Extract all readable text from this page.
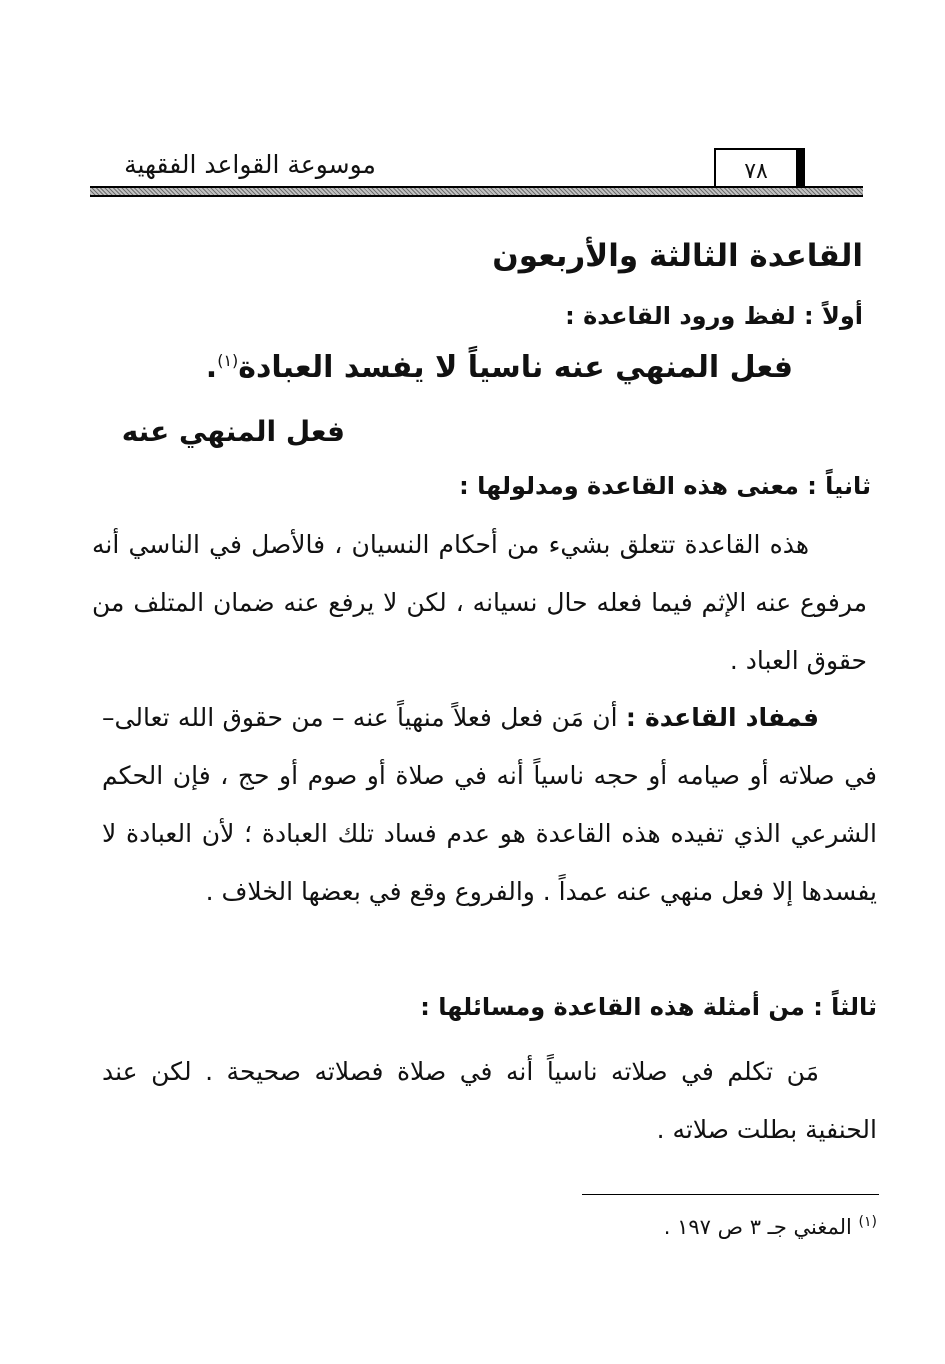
موسوعة القواعد الفقهية	٧٨
القاعدة الثالثة والأربعون
أولاً : لفظ ورود القاعدة :
فعل المنهي عنه ناسياً لا يفسد العبادة$^{(١)}$.
فعل المنهي عنه
ثانياً : معنى هذه القاعدة ومدلولها :
هذه القاعدة تتعلق بشيء من أحكام النسيان ، فالأصل في الناسي أنه مرفوع عنه الإثم فيما فعله حال نسيانه ، لكن لا يرفع عنه ضمان المتلف من حقوق العباد .
فمفاد القاعدة : أن مَن فعل فعلاً منهياً عنه – من حقوق الله تعالى– في صلاته أو صيامه أو حجه ناسياً أنه في صلاة أو صوم أو حج ، فإن الحكم الشرعي الذي تفيده هذه القاعدة هو عدم فساد تلك العبادة ؛ لأن العبادة لا يفسدها إلا فعل منهي عنه عمداً . والفروع وقع في بعضها الخلاف .
ثالثاً : من أمثلة هذه القاعدة ومسائلها :
مَن تكلم في صلاته ناسياً أنه في صلاة فصلاته صحيحة . لكن عند الحنفية بطلت صلاته .
$^{(١)}$ المغني جـ ٣ ص ١٩٧ .
